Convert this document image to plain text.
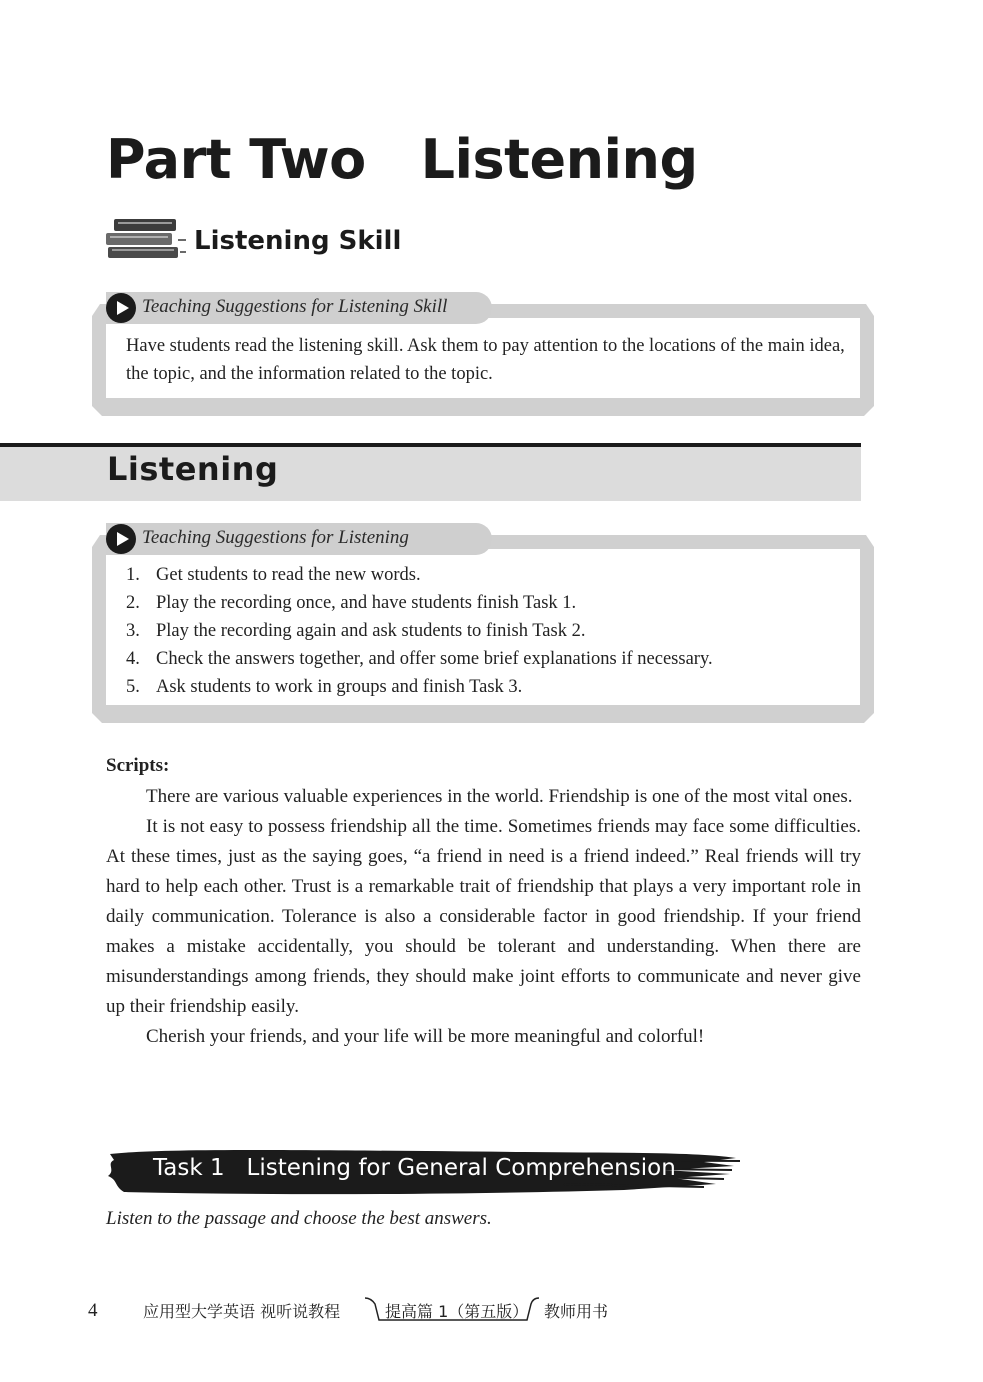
Part Two   Listening
Listening Skill
Teaching Suggestions for Listening Skill
Have students read the listening skill. Ask them to pay attention to the locations of the main idea, the topic, and the information related to the topic.
Listening
Teaching Suggestions for Listening
1. Get students to read the new words.
2. Play the recording once, and have students finish Task 1.
3. Play the recording again and ask students to finish Task 2.
4. Check the answers together, and offer some brief explanations if necessary.
5. Ask students to work in groups and finish Task 3.
Scripts:

There are various valuable experiences in the world. Friendship is one of the most vital ones.

It is not easy to possess friendship all the time. Sometimes friends may face some difficulties. At these times, just as the saying goes, “a friend in need is a friend indeed.” Real friends will try hard to help each other. Trust is a remarkable trait of friendship that plays a very important role in daily communication. Tolerance is also a considerable factor in good friendship. If your friend makes a mistake accidentally, you should be tolerant and understanding. When there are misunderstandings among friends, they should make joint efforts to communicate and never give up their friendship easily.

Cherish your friends, and your life will be more meaningful and colorful!

Task 1   Listening for General Comprehension
Listen to the passage and choose the best answers.
4	应用型大学英语 视听说教程	提高篇 1（第五版） 教师用书
